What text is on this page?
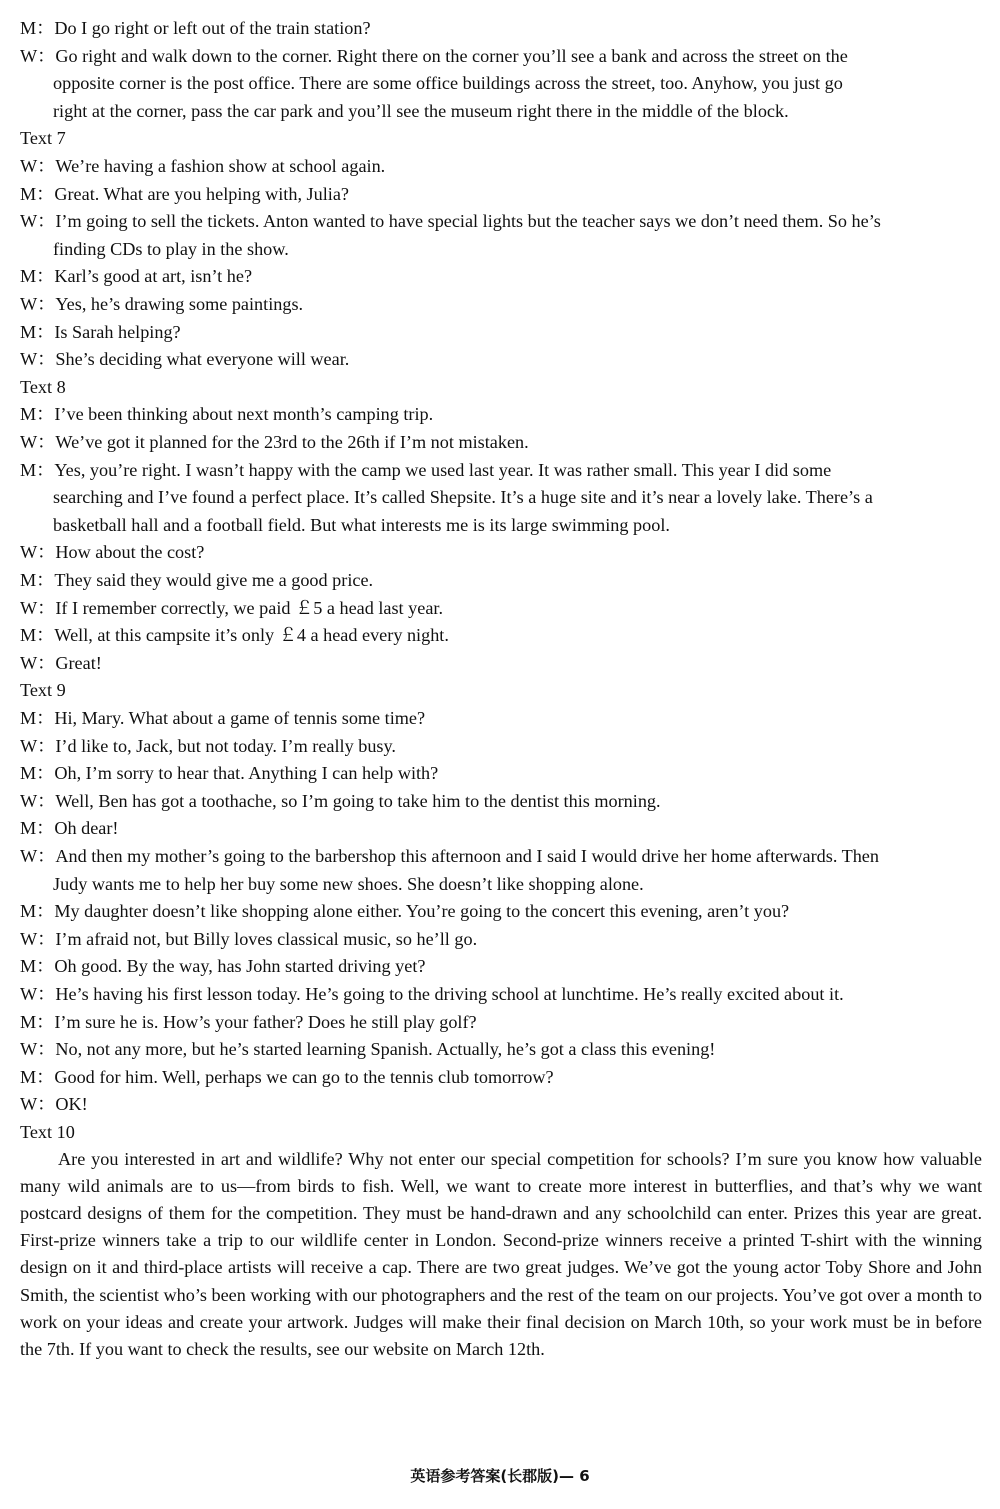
M：Do I go right or left out of the train station?
W：Go right and walk down to the corner. Right there on the corner you’ll see a bank and across the street on the
opposite corner is the post office. There are some office buildings across the street, too. Anyhow, you just go
right at the corner, pass the car park and you’ll see the museum right there in the middle of the block.
Text 7
W：We’re having a fashion show at school again.
M：Great. What are you helping with, Julia?
W：I’m going to sell the tickets. Anton wanted to have special lights but the teacher says we don’t need them. So he’s
finding CDs to play in the show.
M：Karl’s good at art, isn’t he?
W：Yes, he’s drawing some paintings.
M：Is Sarah helping?
W：She’s deciding what everyone will wear.
Text 8
M：I’ve been thinking about next month’s camping trip.
W：We’ve got it planned for the 23rd to the 26th if I’m not mistaken.
M：Yes, you’re right. I wasn’t happy with the camp we used last year. It was rather small. This year I did some
searching and I’ve found a perfect place. It’s called Shepsite. It’s a huge site and it’s near a lovely lake. There’s a
basketball hall and a football field. But what interests me is its large swimming pool.
W：How about the cost?
M：They said they would give me a good price.
W：If I remember correctly, we paid ￡5 a head last year.
M：Well, at this campsite it’s only ￡4 a head every night.
W：Great!
Text 9
M：Hi, Mary. What about a game of tennis some time?
W：I’d like to, Jack, but not today. I’m really busy.
M：Oh, I’m sorry to hear that. Anything I can help with?
W：Well, Ben has got a toothache, so I’m going to take him to the dentist this morning.
M：Oh dear!
W：And then my mother’s going to the barbershop this afternoon and I said I would drive her home afterwards. Then
Judy wants me to help her buy some new shoes. She doesn’t like shopping alone.
M：My daughter doesn’t like shopping alone either. You’re going to the concert this evening, aren’t you?
W：I’m afraid not, but Billy loves classical music, so he’ll go.
M：Oh good. By the way, has John started driving yet?
W：He’s having his first lesson today. He’s going to the driving school at lunchtime. He’s really excited about it.
M：I’m sure he is. How’s your father? Does he still play golf?
W：No, not any more, but he’s started learning Spanish. Actually, he’s got a class this evening!
M：Good for him. Well, perhaps we can go to the tennis club tomorrow?
W：OK!
Text 10
Are you interested in art and wildlife? Why not enter our special competition for schools? I’m sure you know how valuable many wild animals are to us—from birds to fish. Well, we want to create more interest in butterflies, and that’s why we want postcard designs of them for the competition. They must be hand-drawn and any schoolchild can enter. Prizes this year are great. First-prize winners take a trip to our wildlife center in London. Second-prize winners receive a printed T-shirt with the winning design on it and third-place artists will receive a cap. There are two great judges. We’ve got the young actor Toby Shore and John Smith, the scientist who’s been working with our photographers and the rest of the team on our projects. You’ve got over a month to work on your ideas and create your artwork. Judges will make their final decision on March 10th, so your work must be in before the 7th. If you want to check the results, see our website on March 12th.
英语参考答案(长郡版)— 6
